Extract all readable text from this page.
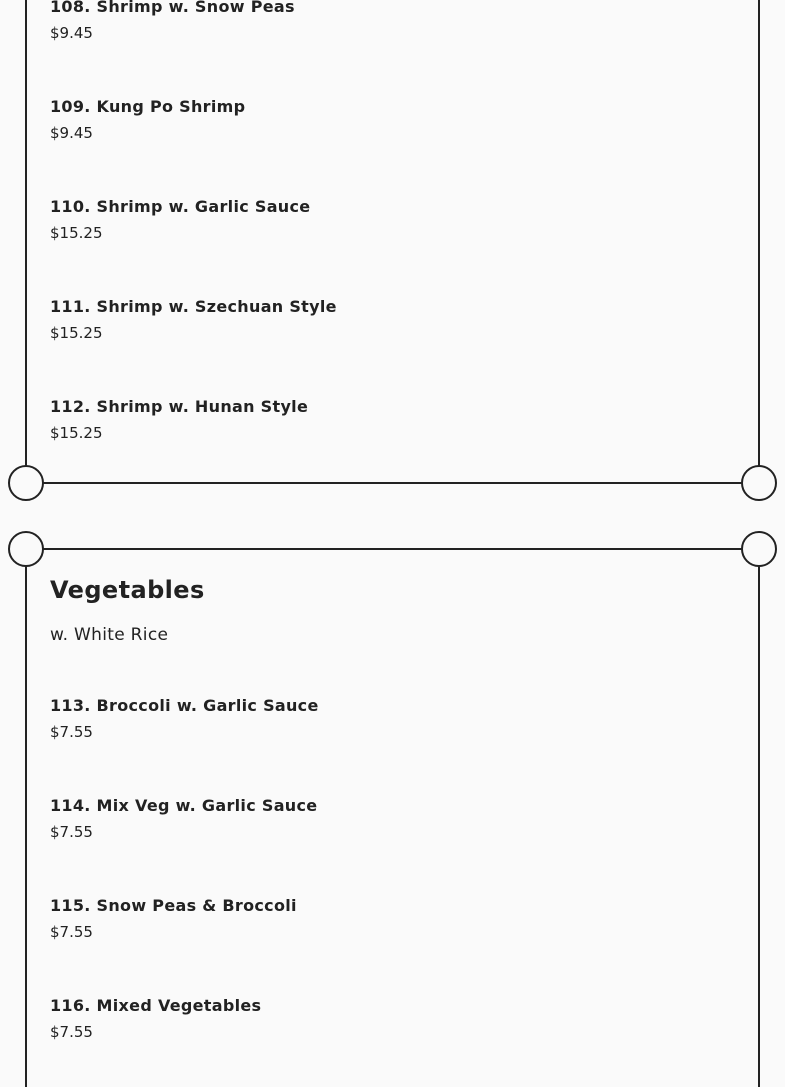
108. Shrimp w. Snow Peas
$9.45
109. Kung Po Shrimp
$9.45
110. Shrimp w. Garlic Sauce
$15.25
111. Shrimp w. Szechuan Style
$15.25
112. Shrimp w. Hunan Style
$15.25
Vegetables
w. White Rice
113. Broccoli w. Garlic Sauce
$7.55
114. Mix Veg w. Garlic Sauce
$7.55
115. Snow Peas & Broccoli
$7.55
116. Mixed Vegetables
$7.55
